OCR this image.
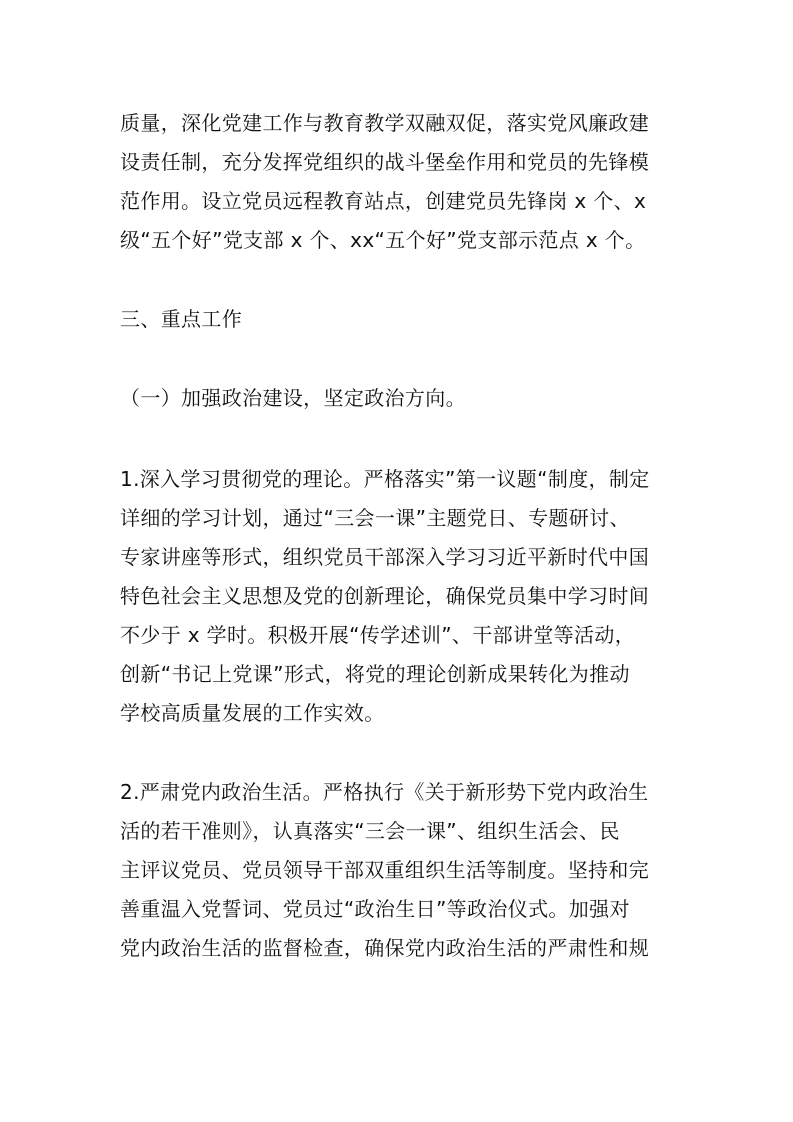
质量，深化党建工作与教育教学双融双促，落实党风廉政建
设责任制，充分发挥党组织的战斗堡垒作用和党员的先锋模
范作用。设立党员远程教育站点，创建党员先锋岗 x 个、x
级“五个好”党支部 x 个、xx“五个好”党支部示范点 x 个。

三、重点工作

（一）加强政治建设，坚定政治方向。

1.深入学习贯彻党的理论。严格落实”第一议题“制度，制定
详细的学习计划，通过“三会一课”主题党日、专题研讨、
专家讲座等形式，组织党员干部深入学习习近平新时代中国
特色社会主义思想及党的创新理论，确保党员集中学习时间
不少于 x 学时。积极开展“传学述训”、干部讲堂等活动，
创新“书记上党课”形式，将党的理论创新成果转化为推动
学校高质量发展的工作实效。

2.严肃党内政治生活。严格执行《关于新形势下党内政治生
活的若干准则》，认真落实“三会一课”、组织生活会、民
主评议党员、党员领导干部双重组织生活等制度。坚持和完
善重温入党誓词、党员过“政治生日”等政治仪式。加强对
党内政治生活的监督检查，确保党内政治生活的严肃性和规
